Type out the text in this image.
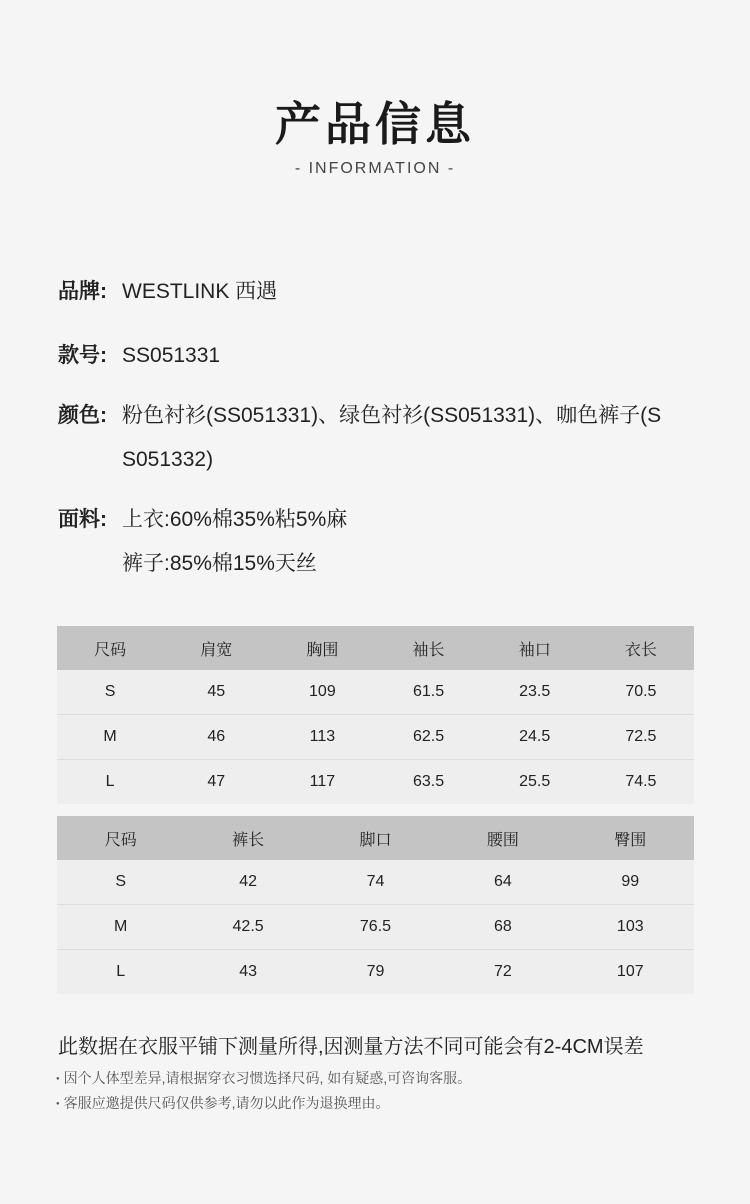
产品信息
- INFORMATION -
品牌: WESTLINK 西遇
款号: SS051331
颜色: 粉色衬衫(SS051331)、绿色衬衫(SS051331)、咖色裤子(S
S051332)
面料: 上衣:60%棉35%粘5%麻
裤子:85%棉15%天丝
尺码	肩宽	胸围	袖长	袖口	衣长
S	45	109	61.5	23.5	70.5
M	46	113	62.5	24.5	72.5
L	47	117	63.5	25.5	74.5
尺码	裤长	脚口	腰围	臀围
S	42	74	64	99
M	42.5	76.5	68	103
L	43	79	72	107
此数据在衣服平铺下测量所得,因测量方法不同可能会有2-4CM误差
● 因个人体型差异,请根据穿衣习惯选择尺码, 如有疑惑,可咨询客服。
● 客服应邀提供尺码仅供参考,请勿以此作为退换理由。
